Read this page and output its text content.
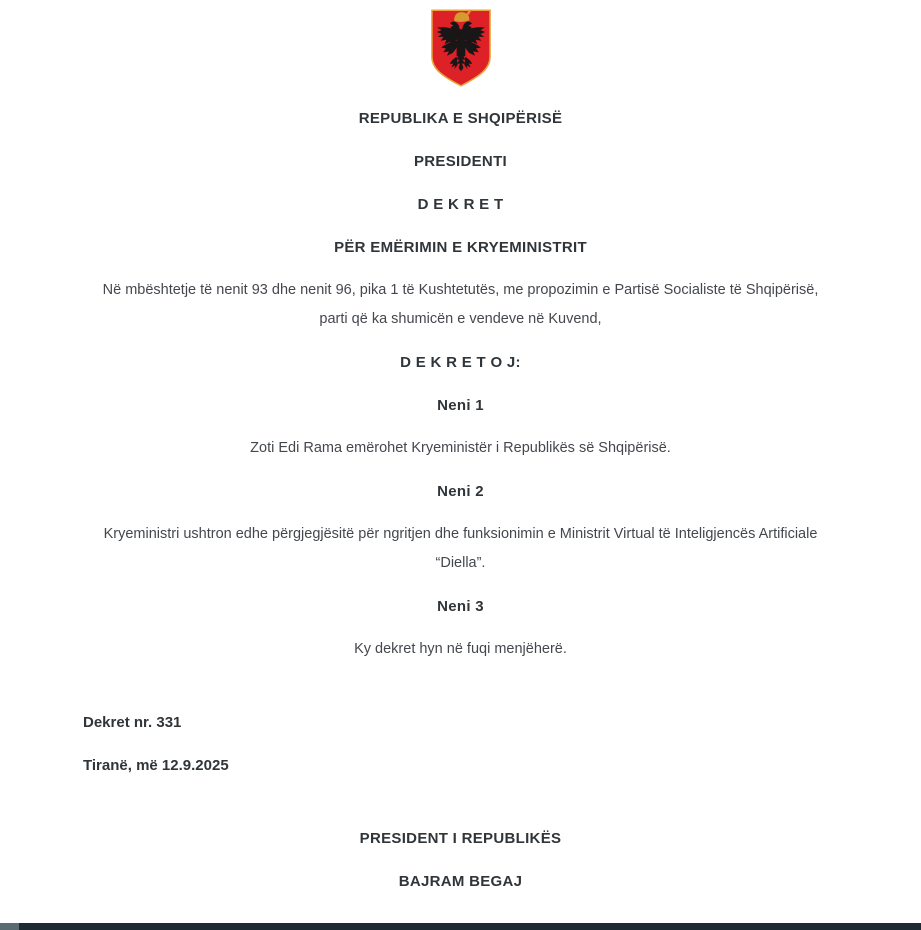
REPUBLIKA E SHQIPËRISË
PRESIDENTI
D E K R E T
PËR EMËRIMIN E KRYEMINISTRIT
Në mbështetje të nenit 93 dhe nenit 96, pika 1 të Kushtetutës, me propozimin e Partisë Socialiste të Shqipërisë,
parti që ka shumicën e vendeve në Kuvend,
D E K R E T O J:
Neni 1
Zoti Edi Rama emërohet Kryeministër i Republikës së Shqipërisë.
Neni 2
Kryeministri ushtron edhe përgjegjësitë për ngritjen dhe funksionimin e Ministrit Virtual të Inteligjencës Artificiale
“Diella”.
Neni 3
Ky dekret hyn në fuqi menjëherë.
Dekret nr. 331
Tiranë, më 12.9.2025
PRESIDENT I REPUBLIKËS
BAJRAM BEGAJ
